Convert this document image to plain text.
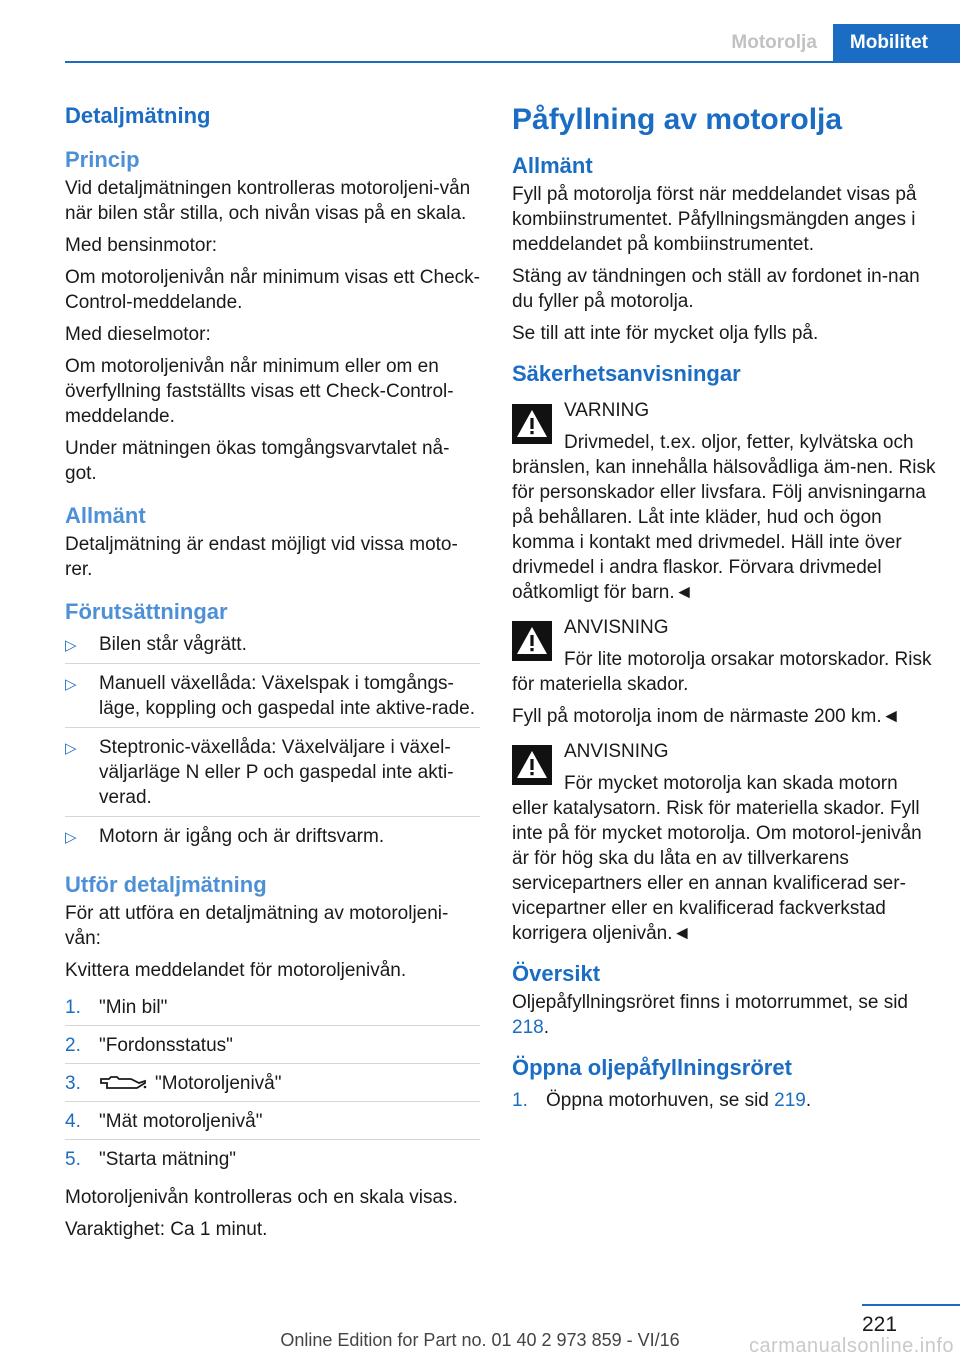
Motorolja	Mobilitet
Detaljmätning
Princip

Vid detaljmätningen kontrolleras motoroljeni‐vån när bilen står stilla, och nivån visas på en skala.

Med bensinmotor:

Om motoroljenivån når minimum visas ett Check-Control-meddelande.

Med dieselmotor:

Om motoroljenivån når minimum eller om en överfyllning fastställts visas ett Check-Control-meddelande.

Under mätningen ökas tomgångsvarvtalet nå‐got.

Allmänt

Detaljmätning är endast möjligt vid vissa moto‐rer.

Förutsättningar
▷ Bilen står vågrätt.
▷ Manuell växellåda: Växelspak i tomgångs‐läge, koppling och gaspedal inte aktive‐rade.
▷ Steptronic-växellåda: Växelväljare i växel‐väljarläge N eller P och gaspedal inte akti‐verad.
▷ Motorn är igång och är driftsvarm.
Utför detaljmätning

För att utföra en detaljmätning av motoroljeni‐vån:

Kvittera meddelandet för motoroljenivån.

1. "Min bil"
2. "Fordonsstatus"
3.	"Motoroljenivå"
4. "Mät motoroljenivå"
5. "Starta mätning"

Motoroljenivån kontrolleras och en skala visas.

Varaktighet: Ca 1 minut.

Påfyllning av motorolja
Allmänt

Fyll på motorolja först när meddelandet visas på kombiinstrumentet. Påfyllningsmängden anges i meddelandet på kombiinstrumentet.

Stäng av tändningen och ställ av fordonet in‐nan du fyller på motorolja.

Se till att inte för mycket olja fylls på.

Säkerhetsanvisningar
VARNING

Drivmedel, t.ex. oljor, fetter, kylvätska och bränslen, kan innehålla hälsovådliga äm‐nen. Risk för personskador eller livsfara. Följ anvisningarna på behållaren. Låt inte kläder, hud och ögon komma i kontakt med drivmedel. Häll inte över drivmedel i andra flaskor. Förvara drivmedel oåtkomligt för barn.◄

ANVISNING

För lite motorolja orsakar motorskador. Risk för materiella skador.

Fyll på motorolja inom de närmaste 200 km.◄

ANVISNING

För mycket motorolja kan skada motorn eller katalysatorn. Risk för materiella skador. Fyll inte på för mycket motorolja. Om motorol‐jenivån är för hög ska du låta en av tillverkarens servicepartners eller en annan kvalificerad ser‐vicepartner eller en kvalificerad fackverkstad korrigera oljenivån.◄

Översikt

Oljepåfyllningsröret finns i motorrummet, se sid 218.

Öppna oljepåfyllningsröret
1. Öppna motorhuven, se sid 219.
221
Online Edition for Part no. 01 40 2 973 859 - VI/16	carmanualsonline.info
